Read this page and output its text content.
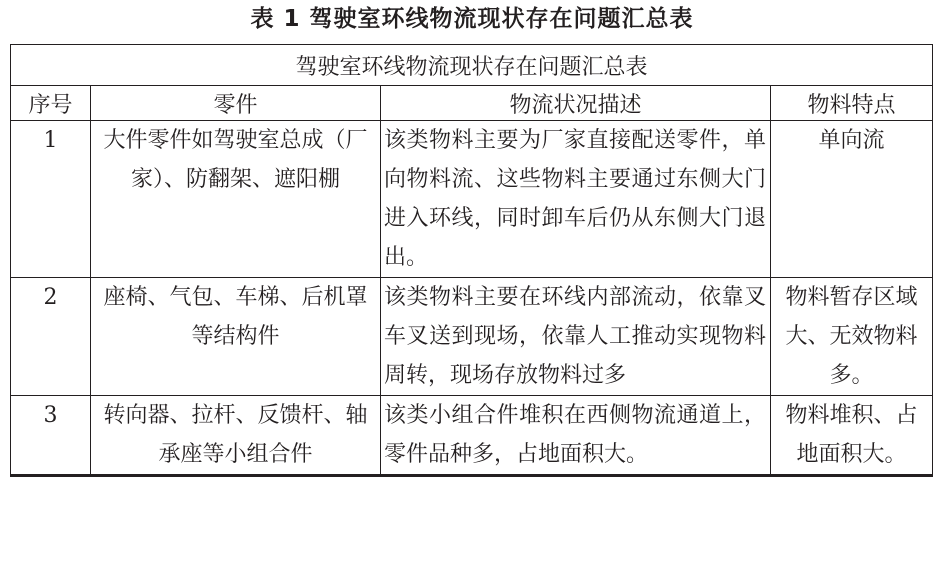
表 1 驾驶室环线物流现状存在问题汇总表
驾驶室环线物流现状存在问题汇总表			
序号	零件	物流状况描述	物料特点
1	大件零件如驾驶室总成（厂家）、防翻架、遮阳棚	该类物料主要为厂家直接配送零件，单向物料流、这些物料主要通过东侧大门进入环线，同时卸车后仍从东侧大门退出。	单向流

2	座椅、气包、车梯、后机罩等结构件	该类物料主要在环线内部流动，依靠叉车叉送到现场，依靠人工推动实现物料周转，现场存放物料过多	物料暂存区域大、无效物料多。

3	转向器、拉杆、反馈杆、轴承座等小组合件	该类小组合件堆积在西侧物流通道上，零件品种多，占地面积大。	物料堆积、占地面积大。
